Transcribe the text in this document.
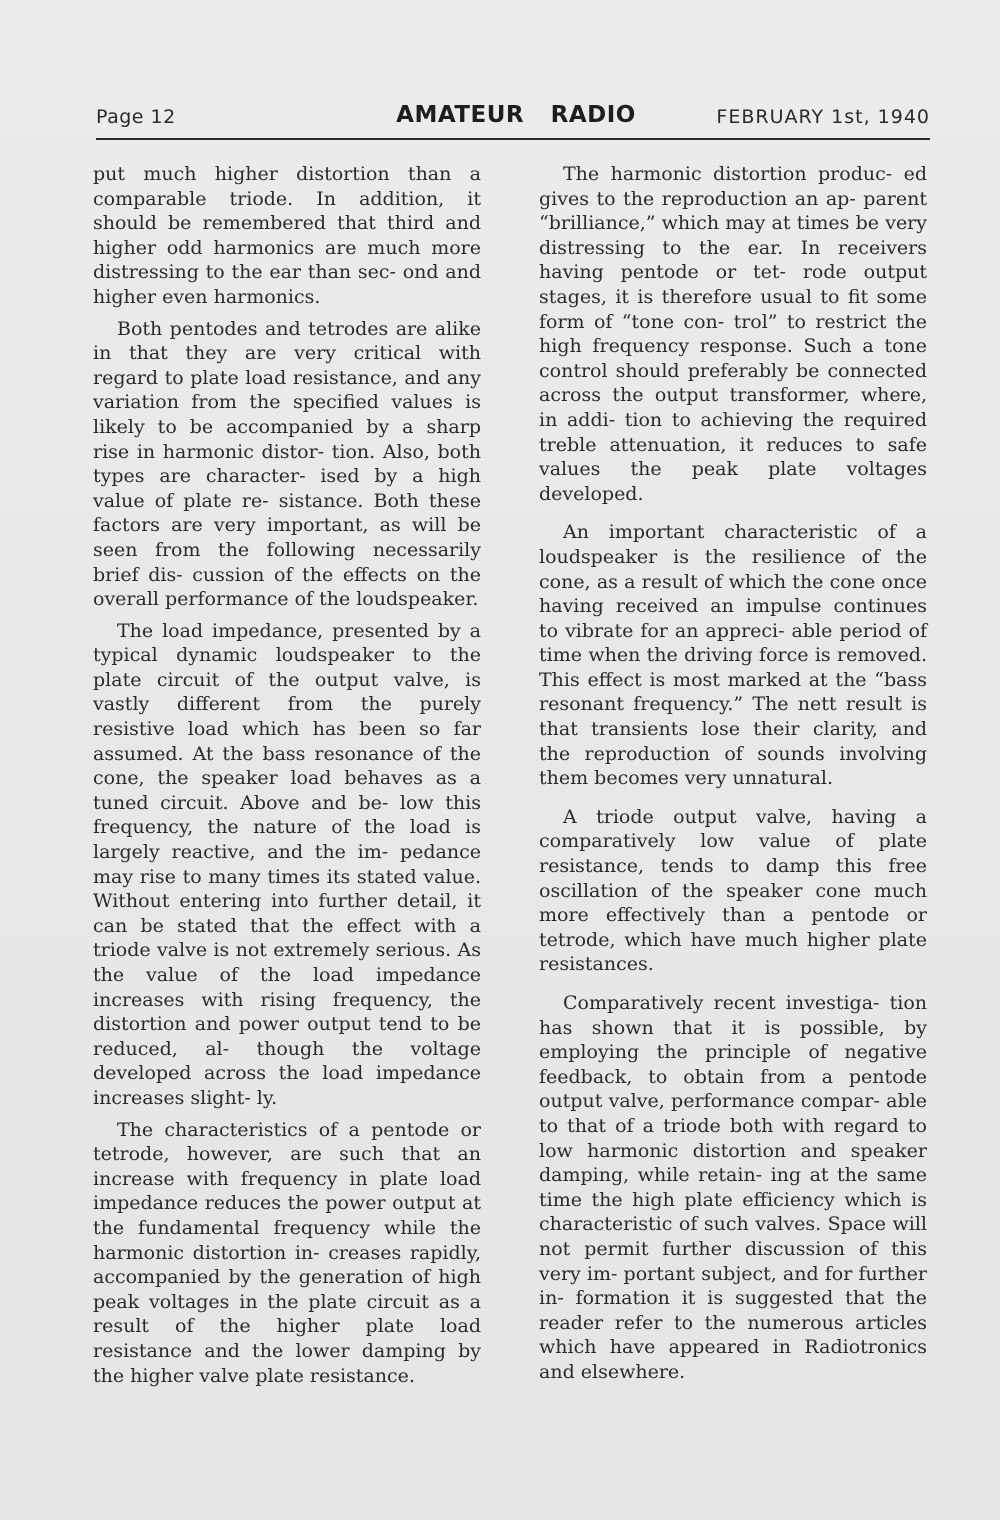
Page 12	AMATEUR RADIO	FEBRUARY 1st, 1940

put much higher distortion than a comparable triode. In addition, it should be remembered that third and higher odd harmonics are much more distressing to the ear than sec- ond and higher even harmonics.

Both pentodes and tetrodes are alike in that they are very critical with regard to plate load resistance, and any variation from the specified values is likely to be accompanied by a sharp rise in harmonic distor- tion. Also, both types are character- ised by a high value of plate re- sistance. Both these factors are very important, as will be seen from the following necessarily brief dis- cussion of the effects on the overall performance of the loudspeaker.

The load impedance, presented by a typical dynamic loudspeaker to the plate circuit of the output valve, is vastly different from the purely resistive load which has been so far assumed. At the bass resonance of the cone, the speaker load behaves as a tuned circuit. Above and be- low this frequency, the nature of the load is largely reactive, and the im- pedance may rise to many times its stated value. Without entering into further detail, it can be stated that the effect with a triode valve is not extremely serious. As the value of the load impedance increases with rising frequency, the distortion and power output tend to be reduced, al- though the voltage developed across the load impedance increases slight- ly.

The characteristics of a pentode or tetrode, however, are such that an increase with frequency in plate load impedance reduces the power output at the fundamental frequency while the harmonic distortion in- creases rapidly, accompanied by the generation of high peak voltages in the plate circuit as a result of the higher plate load resistance and the lower damping by the higher valve plate resistance.

The harmonic distortion produc- ed gives to the reproduction an ap- parent “brilliance,” which may at times be very distressing to the ear. In receivers having pentode or tet- rode output stages, it is therefore usual to fit some form of “tone con- trol” to restrict the high frequency response. Such a tone control should preferably be connected across the output transformer, where, in addi- tion to achieving the required treble attenuation, it reduces to safe values the peak plate voltages developed.

An important characteristic of a loudspeaker is the resilience of the cone, as a result of which the cone once having received an impulse continues to vibrate for an appreci- able period of time when the driving force is removed. This effect is most marked at the “bass resonant frequency.” The nett result is that transients lose their clarity, and the reproduction of sounds involving them becomes very unnatural.

A triode output valve, having a comparatively low value of plate resistance, tends to damp this free oscillation of the speaker cone much more effectively than a pentode or tetrode, which have much higher plate resistances.

Comparatively recent investiga- tion has shown that it is possible, by employing the principle of negative feedback, to obtain from a pentode output valve, performance compar- able to that of a triode both with regard to low harmonic distortion and speaker damping, while retain- ing at the same time the high plate efficiency which is characteristic of such valves. Space will not permit further discussion of this very im- portant subject, and for further in- formation it is suggested that the reader refer to the numerous articles which have appeared in Radiotronics and elsewhere.
